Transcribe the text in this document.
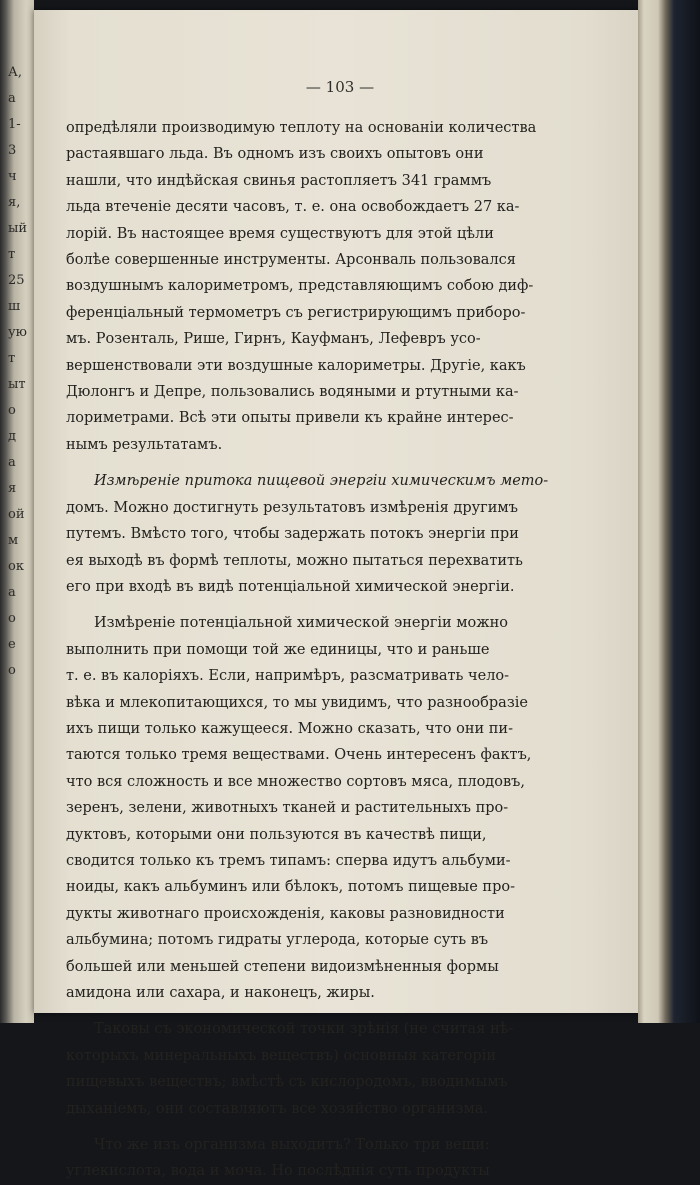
А,
а
1-
3
ч
я,
ый
т
25
ш
ую
т
ыт
о
д
а
я
ой
м
ок
а
о
е
о
— 103 —
опредѣляли производимую теплоту на основаніи количества
растаявшаго льда. Въ одномъ изъ своихъ опытовъ они
нашли, что индѣйская свинья растопляетъ 341 граммъ
льда втеченіе десяти часовъ, т. е. она освобождаетъ 27 ка-
лорій. Въ настоящее время существуютъ для этой цѣли
болѣе совершенные инструменты. Арсонваль пользовался
воздушнымъ калориметромъ, представляющимъ собою диф-
ференціальный термометръ съ регистрирующимъ приборо-
мъ. Розенталь, Рише, Гирнъ, Кауфманъ, Лефевръ усо-
вершенствовали эти воздушные калориметры. Другіе, какъ
Дюлонгъ и Депре, пользовались водяными и ртутными ка-
лориметрами. Всѣ эти опыты привели къ крайне интерес-
нымъ результатамъ.
Измѣреніе притока пищевой энергіи химическимъ мето-
домъ. Можно достигнуть результатовъ измѣренія другимъ
путемъ. Вмѣсто того, чтобы задержать потокъ энергіи при
ея выходѣ въ формѣ теплоты, можно пытаться перехватить
его при входѣ въ видѣ потенціальной химической энергіи.
Измѣреніе потенціальной химической энергіи можно
выполнить при помощи той же единицы, что и раньше
т. е. въ калоріяхъ. Если, напримѣръ, разсматривать чело-
вѣка и млекопитающихся, то мы увидимъ, что разнообразіе
ихъ пищи только кажущееся. Можно сказать, что они пи-
таются только тремя веществами. Очень интересенъ фактъ,
что вся сложность и все множество сортовъ мяса, плодовъ,
зеренъ, зелени, животныхъ тканей и растительныхъ про-
дуктовъ, которыми они пользуются въ качествѣ пищи,
сводится только къ тремъ типамъ: сперва идутъ альбуми-
ноиды, какъ альбуминъ или бѣлокъ, потомъ пищевые про-
дукты животнаго происхожденія, каковы разновидности
альбумина; потомъ гидраты углерода, которые суть въ
большей или меньшей степени видоизмѣненныя формы
амидона или сахара, и наконецъ, жиры.
Таковы съ экономической точки зрѣнія (не считая нѣ-
которыхъ минеральныхъ веществъ) основныя категоріи
пищевыхъ веществъ; вмѣстѣ съ кислородомъ, вводимымъ
дыханіемъ, они составляютъ все хозяйство организма.
Что же изъ организма выходитъ? Только три вещи:
углекислота, вода и моча. Но послѣднія суть продукты
